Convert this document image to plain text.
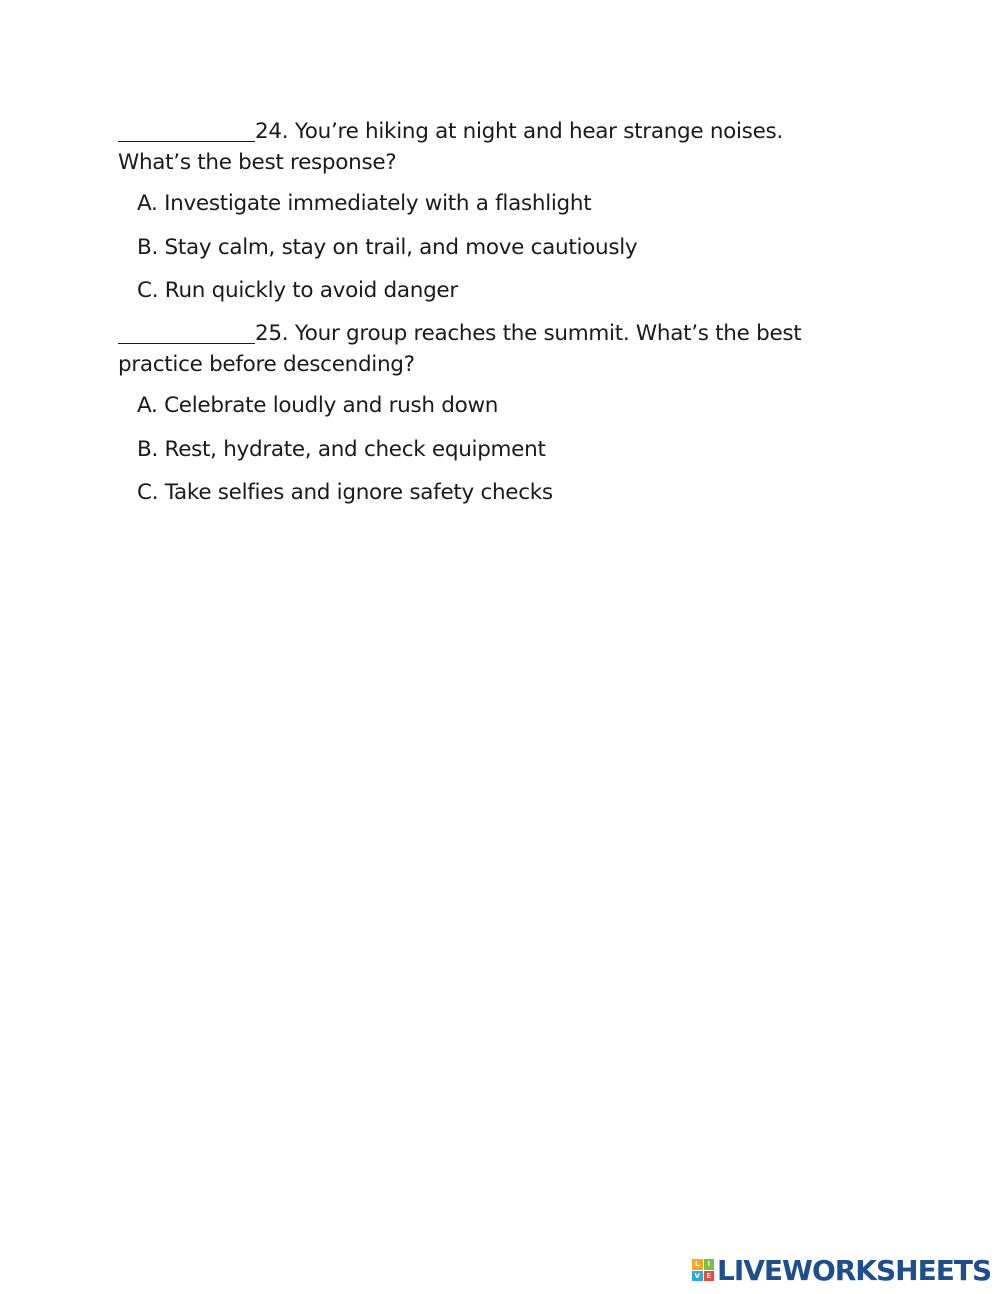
24. You’re hiking at night and hear strange noises. What’s the best response?

A. Investigate immediately with a flashlight
B. Stay calm, stay on trail, and move cautiously
C. Run quickly to avoid danger

25. Your group reaches the summit. What’s the best practice before descending?

A. Celebrate loudly and rush down
B. Rest, hydrate, and check equipment
C. Take selfies and ignore safety checks
L	I
V E LIVEWORKSHEETS
